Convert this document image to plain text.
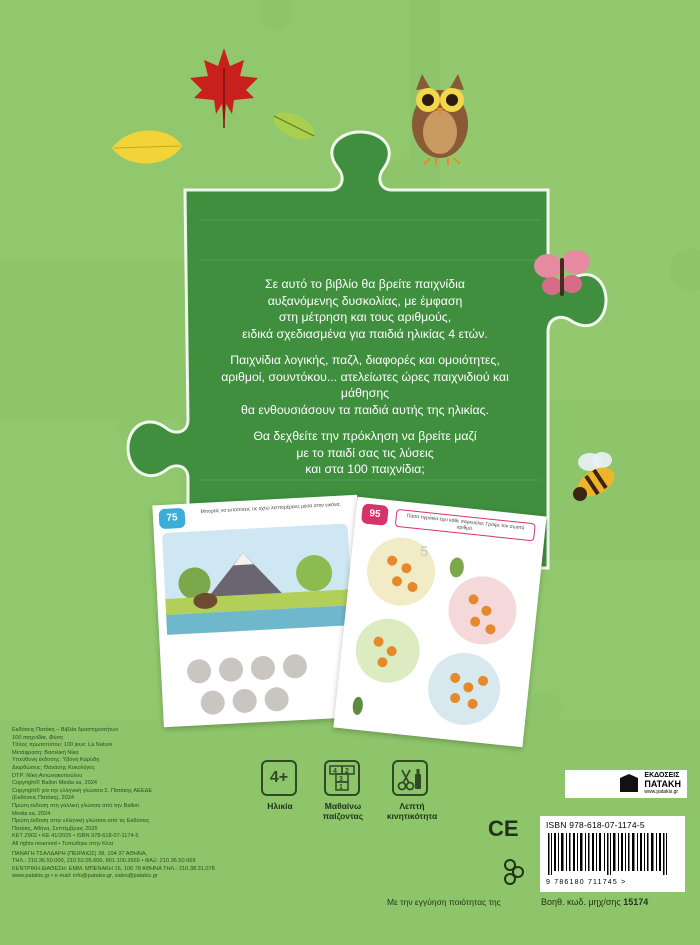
Σε αυτό το βιβλίο θα βρείτε παιχνίδια
αυξανόμενης δυσκολίας, με έμφαση
στη μέτρηση και τους αριθμούς,
ειδικά σχεδιασμένα για παιδιά ηλικίας 4 ετών.

Παιχνίδια λογικής, παζλ, διαφορές και ομοιότητες,
αριθμοί, σουντόκου... ατελείωτες ώρες παιχνιδιού και μάθησης
θα ενθουσιάσουν τα παιδιά αυτής της ηλικίας.

Θα δεχθείτε την πρόκληση να βρείτε μαζί
με το παιδί σας τις λύσεις
και στα 100 παιχνίδια;

75
Μπορείς να εντοπίσεις τις οχτώ λεπτομέρειες μέσα στην εικόνα;	95	Πόσα τιγράκια έχει κάθε σαρκούλα; Γράψε τον σωστό αριθμό.
5
Εκδόσεις Πατάκη – Βιβλία δραστηριοτήτων
100 παιχνίδια, Φύση
Τίτλος πρωτοτύπου: 100 jeux: La Nature
Μετάφραση: Βασιλική Νίκα
Υπεύθυνη έκδοσης: Υβόνη Καρύδη
Διορθώσεις: Θανάσης Κοκολόγος
DTP: Νίκη Αντωνακοπούλου
Copyright© Ballon Media sa, 2024
Copyright© για την ελληνική γλώσσα Σ. Πατάκης ΑΕΕΔΕ
(Εκδόσεις Πατάκη), 2024
Πρώτη έκδοση στη γαλλική γλώσσα από την Ballon
Media sa, 2024
Πρώτη έκδοση στην ελληνική γλώσσα από τις Εκδόσεις
Πατάκη, Αθήνα, Σεπτέμβριος 2025
ΚΕΤ Ζ902 • ΚΕ 41/2025 • ISBN 978-618-07-1174-5
All rights reserved • Τυπώθηκε στην Κίνα
ΠΑΝΑΓΗ ΤΣΑΛΔΑΡΗ (ΠΕΙΡΑΙΩΣ) 38, 104 37 ΑΘΗΝΑ,
ΤΗΛ.: 210.36.50.000, 210.52.05.600, 801.100.2665 • ΦΑΞ: 210.36.50.069
ΚΕΝΤΡΙΚΗ ΔΙΑΘΕΣΗ: ΕΜΜ. ΜΠΕΝΑΚΗ 16, 106 78 ΑΘΗΝΑ ΤΗΛ.: 210.38.31.078
www.patakis.gr • e-mail: info@patakis.gr, sales@patakis.gr
4+
Ηλικία
4 2
3
1
Μαθαίνω
παίζοντας
Λεπτή
κινητικότητα
ΕΚΔΟΣΕΙΣ
ΠΑΤΑΚΗ
www.patakis.gr
CE	ISBN 978-618-07-1174-5
9 786180 711745 >
Βοηθ. κωδ. μηχ/σης 15174
Με την εγγύηση ποιότητας της
